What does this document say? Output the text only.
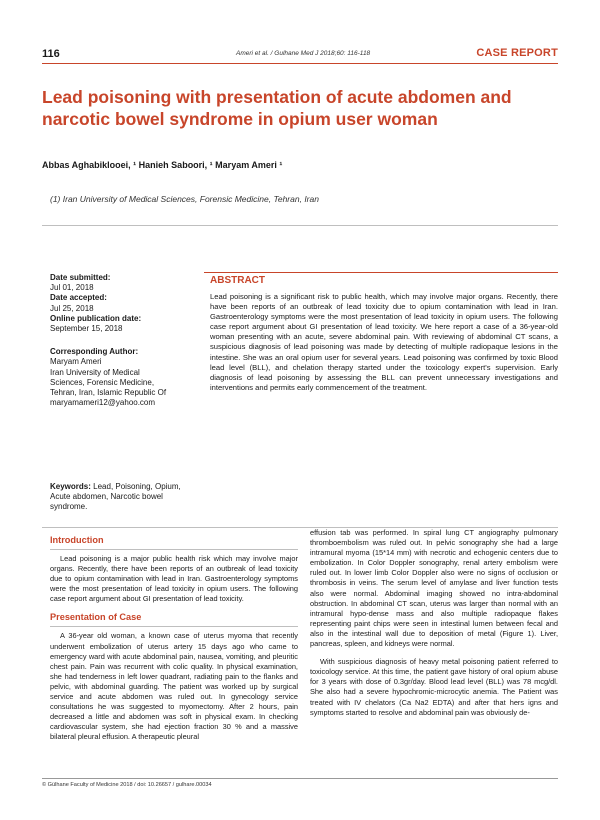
116	Ameri et al. / Gulhane Med J 2018;60: 116-118	CASE REPORT
Lead poisoning with presentation of acute abdomen and narcotic bowel syndrome in opium user woman
Abbas Aghabiklooei, ¹ Hanieh Saboori, ¹ Maryam Ameri ¹
(1) Iran University of Medical Sciences, Forensic Medicine, Tehran, Iran
Date submitted:
Jul 01, 2018
Date accepted:
Jul 25, 2018
Online publication date:
September 15, 2018
Corresponding Author:
Maryam Ameri
Iran University of Medical
Sciences, Forensic Medicine,
Tehran, Iran, Islamic Republic Of
maryamameri12@yahoo.com
Keywords: Lead, Poisoning, Opium, Acute abdomen, Narcotic bowel syndrome.
ABSTRACT

Lead poisoning is a significant risk to public health, which may involve major organs. Recently, there have been reports of an outbreak of lead toxicity due to opium contamination with lead in Iran. Gastroenterology symptoms were the most presentation of lead toxicity in opium users. The following case report argument about GI presentation of lead toxicity. We here report a case of a 36-year-old woman presenting with an acute, severe abdominal pain. With reviewing of abdominal CT scans, a suspicious diagnosis of lead poisoning was made by detecting of multiple radiopaque lesions in the intestine. She was an oral opium user for several years. Lead poisoning was confirmed by toxic Blood lead level (BLL), and chelation therapy started under the toxicology expert's supervision. Early diagnosis of lead poisoning by assessing the BLL can prevent unnecessary investigations and interventions and permits early commencement of the treatment.

Introduction

Lead poisoning is a major public health risk which may involve major organs. Recently, there have been reports of an outbreak of lead toxicity due to opium contamination with lead in Iran. Gastroenterology symptoms were the most presentation of lead toxicity in opium users. The following case report argument about GI presentation of lead toxicity.

Presentation of Case

A 36-year old woman, a known case of uterus myoma that recently underwent embolization of uterus artery 15 days ago who came to emergency ward with acute abdominal pain, nausea, vomiting, and pleuritic chest pain. Pain was recurrent with colic quality. In physical examination, she had tenderness in left lower quadrant, radiating pain to the flanks and pelvic, with abdominal guarding. The patient was worked up by surgical service and acute abdomen was ruled out. In gynecology service consultations he was suggested to myomectomy. After 2 hours, pain decreased a little and abdomen was soft in physical exam. In checking cardiovascular system, she had ejection fraction 30 % and a massive bilateral pleural effusion. A therapeutic pleural

effusion tab was performed. In spiral lung CT angiography pulmonary thromboembolism was ruled out. In pelvic sonography she had a large intramural myoma (15*14 mm) with necrotic and echogenic centers due to embolization. In Color Doppler sonography, renal artery embolism were ruled out. In lower limb Color Doppler also were no signs of occlusion or thrombosis in veins. The serum level of amylase and liver function tests also were normal. Abdominal imaging showed no intra-abdominal obstruction. In abdominal CT scan, uterus was larger than normal with an intramural hypo-dense mass and also multiple radiopaque flakes representing paint chips were seen in intestinal lumen between fecal and also in the intestinal wall due to deposition of metal (Figure 1). Liver, pancreas, spleen, and kidneys were normal.

With suspicious diagnosis of heavy metal poisoning patient referred to toxicology service. At this time, the patient gave history of oral opium abuse for 3 years with dose of 0.3gr/day. Blood lead level (BLL) was 78 mcg/dl. She also had a severe hypochromic-microcytic anemia. The Patient was treated with IV chelators (Ca Na2 EDTA) and after that hers igns and symptoms started to resolve and abdominal pain was obviously de-

© Gülhane Faculty of Medicine 2018 / doi: 10.26657 / gulhare.00034
